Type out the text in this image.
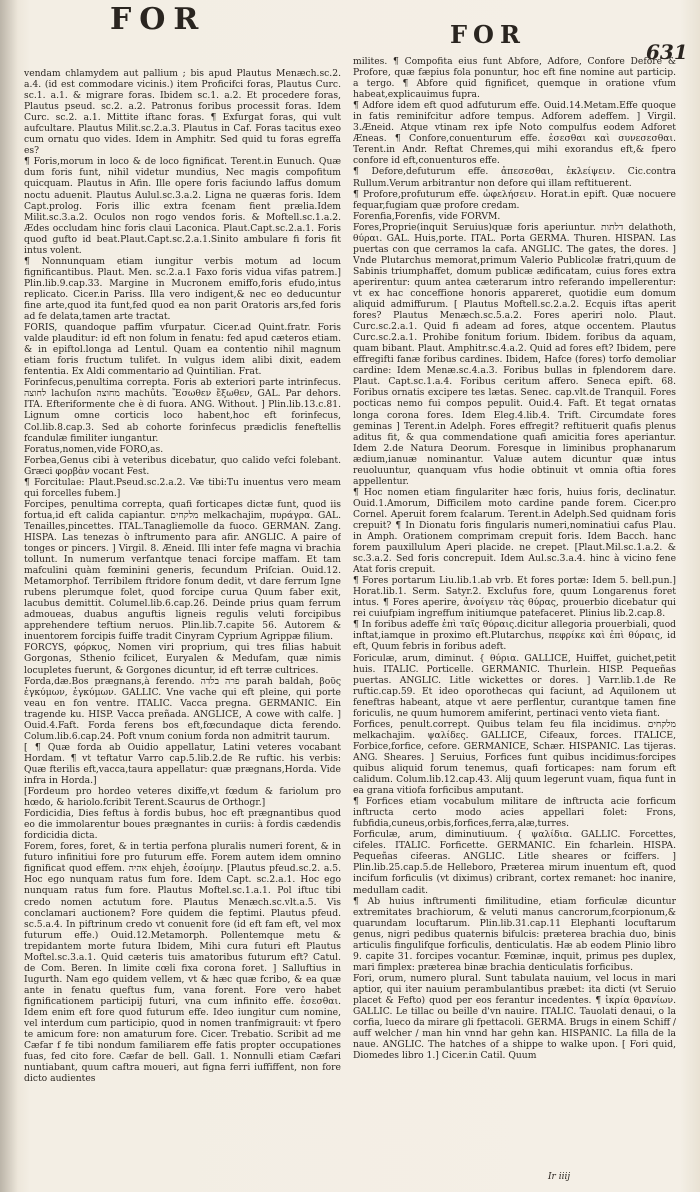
FOR	FOR
631

vendam chlamydem aut pallium ; bis apud Plautus Menæch.sc.2. a.4. (id est commodare vicinis.) item Proficifci foras, Plautus Curc. sc.1. a.1. & migrare foras. Ibidem sc.1. a.2. Et procedere foras, Plautus pseud. sc.2. a.2. Patronus foribus processit foras. Idem Curc. sc.2. a.1. Mittite iftanc foras. ¶ Exfurgat foras, qui vult aufcultare. Plautus Milit.sc.2.a.3. Plautus in Caf. Foras tacitus exeo cum ornatu quo vides. Idem in Amphitr. Sed quid tu foras egreffa es?

¶ Foris,morum in loco & de loco fignificat. Terent.in Eunuch. Quæ dum foris funt, nihil videtur mundius, Nec magis compofitum quicquam. Plautus in Afin. Ille opere foris faciundo laffus domum noctu aduenit. Plautus Aulul.sc.3.a.2. Ligna ne quæras foris. Idem Capt.prolog. Foris illic extra fcenam fient prælia.Idem Milit.sc.3.a.2. Oculos non rogo vendos foris. & Moftell.sc.1.a.2. Ædes occludam hinc foris claui Laconica. Plaut.Capt.sc.2.a.1. Foris quod gufto id beat.Plaut.Capt.sc.2.a.1.Sinito ambulare fi foris fit intus volent.

¶ Nonnunquam etiam iungitur verbis motum ad locum fignificantibus. Plaut. Men. sc.2.a.1 Faxo foris vidua vifas patrem.] Plin.lib.9.cap.33. Margine in Mucronem emiffo,foris efudo,intus replicato. Cicer.in Pariss. Illa vero indigent,& nec eo deducuntur fine arte,quod ita funt,fed quod ea non parit Oratoris ars,fed foris ad fe delata,tamen arte tractat.

FORIS, quandoque paffim vfurpatur. Cicer.ad Quint.fratr. Foris valde plauditur: id eft non folum in fenatu: fed apud cæteros etiam. & in epiftol.longa ad Lentul. Quam ea contentio nihil magnum etiam foris fructum tulifet. In vulgus idem alibi dixit, eadem fententia. Ex Aldi commentario ad Quintilian. Frat.

Forinfecus,penultima correpta. Foris ab exteriori parte intrinfecus. לחוצה lachuſon מחוצה machûts. Ἔσωθεν ἔξωθεν, GAL. Par dehors. ITA. Efteriformente che è di fuora. ANG. Without. ] Plin.lib.13.c.81. Lignum omne corticis loco habent,hoc eft forinfecus, Col.lib.8.cap.3. Sed ab cohorte forinfecus prædiclis feneftellis fcandulæ fimiliter iungantur.

Foratus,nomen,vide FORO,as.

Forbea,Genus cibi à veteribus dicebatur, quo calido vefci folebant. Græci φορβὰν vocant Fest.

¶ Forcitulae: Plaut.Pseud.sc.2.a.2. Væ tibi:Tu inuentus vero meam qui forcelles fubem.]

Forcipes, penultima correpta, quafi forticapes dictæ funt, quod iis fortua,id eft calida capiantur. מלקחים melkachajim, πυράγρα. GAL. Tenailles,pincettes. ITAL.Tanagliemolle da fuoco. GERMAN. Zang. HISPA. Las tenezas ò inftrumento para afir. ANGLIC. A paire of tonges or pincers. ] Virgil. 8. Æneid. Illi inter fefe magna vi brachia tollunt. In numerum verfantque tenaci forcipe maffam. Et tam mafculini quàm fœminini generis, fecundum Priſcian. Ouid.12. Metamorphof. Terribilem ftridore fonum dedit, vt dare ferrum Igne rubens plerumque folet, quod forcipe curua Quum faber exit, lacubus demittit. Columel.lib.6.cap.26. Deinde prius quam ferrum admoueas, duabus anguftis ligneis regulis veluti forcipibus apprehendere teftium neruos. Plin.lib.7.capite 56. Autorem & inuentorem forcipis fuiffe tradit Cinyram Cyprium Agrippæ filium.

FORCYS, φόρκυς, Nomen viri proprium, qui tres filias habuit Gorgonas, Sthenio fcilicet, Euryalen & Medufam, quæ nimis locupletes fuerunt, & Gorgones dicuntur, id eft terræ cultrices.

Forda,dæ.Bos prægnans,à ferendo. פרה בלדה parah baldah, βοῦς ἐγκύμων, ἐγκύμων. GALLIC. Vne vache qui eft pleine, qui porte veau en fon ventre. ITALIC. Vacca pregna. GERMANIC. Ein tragende ku. HISP. Vacca preñada. ANGLICE, A cowe with calfe. ] Ouid.4.Faft. Forda ferens bos eft,fœcundaque dicta ferendo. Colum.lib.6.cap.24. Poft vnum conium forda non admitrit taurum.

[ ¶ Quæ forda ab Ouidio appellatur, Latini veteres vocabant Hordam. ¶ vt teftatur Varro cap.5.lib.2.de Re ruftic. his verbis: Quæ fterilis eft,vacca,taura appellatur: quæ prægnans,Horda. Vide infra in Horda.]

[Fordeum pro hordeo veteres dixiffe,vt fœdum & fariolum pro hœdo, & hariolo.fcribit Terent.Scaurus de Orthogr.]

Fordicidia, Dies feftus à fordis bubus, hoc eft prægnantibus quod eo die immolarentur boues prægnantes in curiis: à fordis cædendis fordicidia dicta.

Forem, fores, foret, & in tertia perfona pluralis numeri forent, & in futuro infinitiui fore pro futurum effe. Forem autem idem omnino fignificat quod effem. אהיה ehjeh, ἐσοίμην. [Plautus pfeud.sc.2. a.5. Hoc ego nunquam ratus fum fore. Idem Capt. sc.2.a.1. Hoc ego nunquam ratus fum fore. Plautus Moftel.sc.1.a.1. Pol iftuc tibi credo nomen actutum fore. Plautus Menæch.sc.vlt.a.5. Vis conclamari auctionem? Fore quidem die feptimi. Plautus pfeud. sc.5.a.4. In piftrinum credo vt conuenit fore (id eft fam eft, vel mox futurum effe.) Ouid.12.Metamorph. Pollentemque metu & trepidantem morte futura Ibidem, Mihi cura futuri eft Plautus Moftel.sc.3.a.1. Quid cæteris tuis amatoribus futurum eft? Catul. de Com. Beren. In limite cœli fixa corona foret. ] Salluftius in Iugurth. Nam ego quidem vellem, vt & hæc quæ fcribo, & ea quæ ante in fenatu queftus fum, vana forent. Fore vero habet fignificationem participij futuri, vna cum infinito effe. ἐσεσθαι. Idem enim eft fore quod futurum effe. Ideo iungitur cum nomine, vel interdum cum participio, quod in nomen tranfmigrauit: vt fpero te amicum fore: non amaturum fore. Cicer. Trebatio. Scribit ad me Cæfar f fe tibi nondum familiarem effe fatis propter occupationes fuas, fed cito fore. Cæfar de bell. Gall. 1. Nonnulli etiam Cæfari nuntiabant, quum caftra moueri, aut figna ferri iuffiffent, non fore dicto audientes

milites. ¶ Compofita eius funt Abfore, Adfore, Confore Defore & Profore, quæ fæpius fola ponuntur, hoc eft fine nomine aut particip. a tergo. ¶ Abfore quid fignificet, quemque in oratione vfum habeat,explicauimus fupra.

¶ Adfore idem eft quod adfuturum effe. Ouid.14.Metam.Effe quoque in fatis reminifcitur adfore tempus. Adforem adeffem. ] Virgil. 3.Æneid. Atque vtinam rex ipfe Noto compulfus eodem Adforet Æneas. ¶ Confore,conuenturum effe. ἐσεσθαι καὶ συνεσεσθαι. Terent.in Andr. Reftat Chremes,qui mihi exorandus eft,& fpero confore id eft,conuenturos effe.

¶ Defore,defuturum effe. ἀπεσεσθαι, ἐκλείψειν. Cic.contra Rullum.Verum arbitrantur non defore qui illam reftituerent.

¶ Profore,profuturum effe. ὠφελήσειν. Horat.in epift. Quæ nocuere fequar,fugiam quæ profore credam.

Forenfia,Forenfis, vide FORVM.

Fores,Proprie(inquit Seruius)quæ foris aperiuntur. דלתות delathoth, θύραι. GAL. Huis,porte. ITAL. Porta GERMA. Thuren. HISPAN. Las puertas con que cerramos la cafa. ANGLIC. The gates, the dores. ] Vnde Plutarchus memorat,primum Valerio Publicolæ fratri,quum de Sabinis triumphaffet, domum publicæ ædificatam, cuius fores extra aperirentur: quum antea cæterarum intro referando impellerentur: vt ex hac conceffione honoris appareret, quotidie eum domum aliquid admiffurum. [ Plautus Moftell.sc.2.a.2. Ecquis iftas aperit fores? Plautus Menæch.sc.5.a.2. Fores aperiri nolo. Plaut. Curc.sc.2.a.1. Quid fi adeam ad fores, atque occentem. Plautus Curc.sc.2.a.1. Prohibe fonitum forium. Ibidem. foribus da aquam, quam bibant. Plaut. Amphitr.sc.4.a.2. Quid ad fores eft? Ibidem, pere effregifti fanæ foribus cardines. Ibidem, Hafce (fores) torfo demoliar cardine: Idem Menæ.sc.4.a.3. Foribus bullas in fplendorem dare. Plaut. Capt.sc.1.a.4. Foribus ceritum affero. Seneca epift. 68. Foribus ornatis excipere tes lætas. Senec. cap.vlt.de Tranquil. Fores pocticas nemo fui compos pepulit. Ouid.4. Faft. Et tegat ornatas longa corona fores. Idem Eleg.4.lib.4. Trift. Circumdate fores geminas ] Terent.in Adelph. Fores effregit? reftituerit quafis plenus aditus fit, & qua commendatione quafi amicitia fores aperiantur. Idem 2.de Natura Deorum. Foresque in liminibus prophanarum ædium,ianuæ nominantur. Valuæ autem dicuntur quæ intus reuoluuntur, quanquam vfus hodie obtinuit vt omnia oftia fores appellentur.

¶ Hoc nomen etiam fingulariter hæc foris, huius foris, declinatur. Ouid.1.Amorum, Difficilem moto cardine pande forem. Cicer.pro Cornel. Aperuit forem fcalarum. Terent.in Adelph.Sed quidnam foris crepuit? ¶ In Dionatu foris fingularis numeri,nominatiui cafus Plau. in Amph. Orationem comprimam crepuit foris. Idem Bacch. hanc forem pauxillulum Aperi placide. ne crepet. [Plaut.Mil.sc.1.a.2. & sc.3.a.2. Sed foris concrepuit. Idem Aul.sc.3.a.4. hinc à vicino fene Atat foris crepuit.

¶ Fores portarum Liu.lib.1.ab vrb. Et fores portæ: Idem 5. bell.pun.] Horat.lib.1. Serm. Satyr.2. Exclufus fore, quum Longarenus foret intus. ¶ Fores aperire, ἀνοίγειν τὰς θύρας, prouerbio dicebatur qui rei cuiufpiam ingreffum initiumque patefaceret. Plinius lib.2.cap.8.

¶ In foribus adeffe ἐπὶ ταῖς θύραις.dicitur allegoria prouerbiali, quod inftat,iamque in proximo eft.Plutarchus, πεφρίκε καὶ ἐπὶ θύραις, id eft, Quum febris in foribus adeft.

Foriculæ, arum, diminut. { θύρια. GALLICE, Huiffet, guichet,petit huis. ITALIC. Porticelle. GERMANIC. Thurlein. HISP. Pequeñas puertas. ANGLIC. Litle wickettes or dores. ] Varr.lib.1.de Re ruftic.cap.59. Et ideo oporothecas qui faciunt, ad Aquilonem ut feneftras habeant, atque vt aere perflentur, curantque tamen fine foriculis, ne quum humorem amiferint, pertinaci vento vieta fiant.

Forfices, penult.corrept. Quibus telam feu fila incidimus. מלקחים melkachajim. ψαλίδες. GALLICE, Cifeaux, forces. ITALICE, Forbice,forfice, cefore. GERMANICE, Schær. HISPANIC. Las tijeras. ANG. Sheares. ] Seruius, Forfices funt quibus incidimus:forcipes quibus aliquid forum tenemus, quafi forticapes: nam forum eft calidum. Colum.lib.12.cap.43. Alij quum legerunt vuam, fiqua funt in ea grana vitiofa forficibus amputant.

¶ Forfices etiam vocabulum militare de inftructa acie forficum inftructa certo modo acies appellari folet: Frons, fubfidia,cuneus,orbis,forfices,ferra,alæ,turres.

Forficulæ, arum, diminutiuum. { ψαλίδια. GALLIC. Forcettes, cifeles. ITALIC. Forficette. GERMANIC. Ein fcharlein. HISPA. Pequeñas cifeeras. ANGLIC. Litle sheares or fciffers. ] Plin.lib.25.cap.5.de Helleboro, Præterea mirum inuentum eft, quod incifum forficulis (vt diximus) cribrant, cortex remanet: hoc inanire, medullam cadit.

¶ Ab huius inftrumenti fimilitudine, etiam forficulæ dicuntur extremitates brachiorum, & veluti manus cancrorum,fcorpionum,& quarundam locuftarum. Plin.lib.31.cap.11 Elephanti locuftarum genus, nigri pedibus quaternis bifulcis: præterea brachia duo, binis articulis fingulifque forficulis, denticulatis. Hæ ab eodem Plinio libro 9. capite 31. forcipes vocantur. Fœminæ, inquit, primus pes duplex, mari fimplex: præterea binæ brachia denticulatis forficibus.

Fori, orum, numero plural. Sunt tabulata nauium, vel locus in mari aptior, qui iter nauium perambulantibus præbet: ita dicti (vt Seruio placet & Fefto) quod per eos ferantur incedentes. ¶ ἰκρία θρανίων. GALLIC. Le tillac ou beille d'vn nauire. ITALIC. Tauolati denaui, o la corfia, lueco da mirare gli fpettacoli. GERMA. Brugs in einem Schiff / auff welcher / man hin vnnd har gehn kan. HISPANIC. La filla de la naue. ANGLIC. The hatches of a shippe to walke upon. [ Fori quid, Diomedes libro 1.] Cicer.in Catil. Quum

Ir iiij
